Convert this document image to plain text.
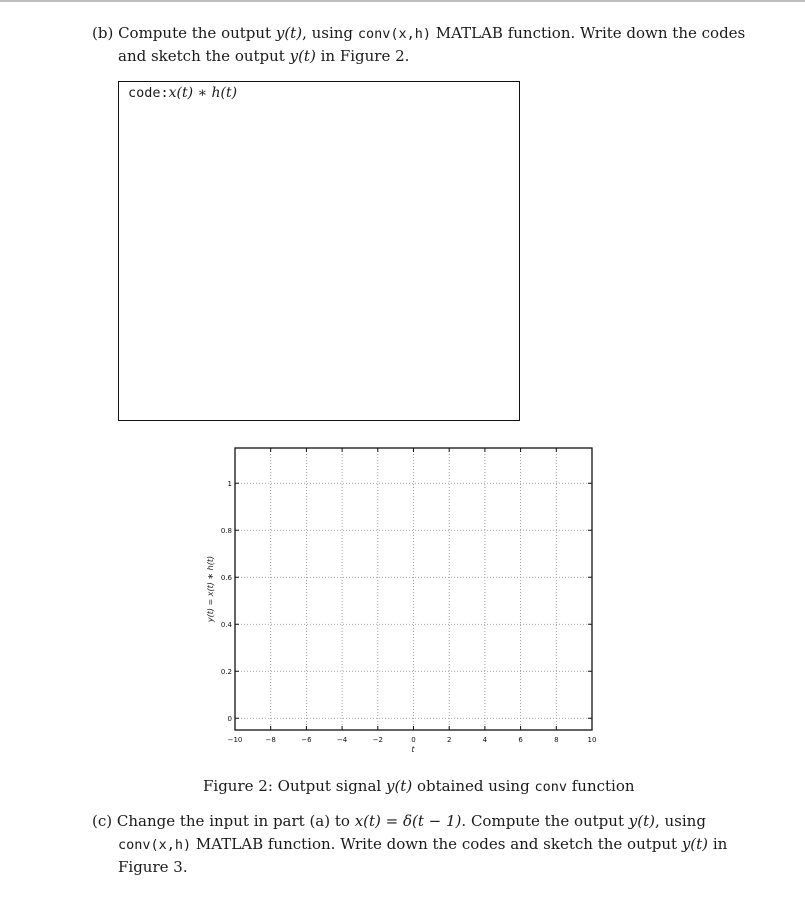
(b) Compute the output y(t), using conv(x,h) MATLAB function. Write down the codes

and sketch the output y(t) in Figure 2.

code:x(t) ∗ h(t)
−10	−8	−6	−4	−2	0	2	4	6	8	10
0
0.2
0.4
0.6
0.8
1
t
y(t) = x(t) ∗ h(t)
Figure 2: Output signal y(t) obtained using conv function

(c) Change the input in part (a) to x(t) = δ(t − 1). Compute the output y(t), using

conv(x,h) MATLAB function. Write down the codes and sketch the output y(t) in

Figure 3.
